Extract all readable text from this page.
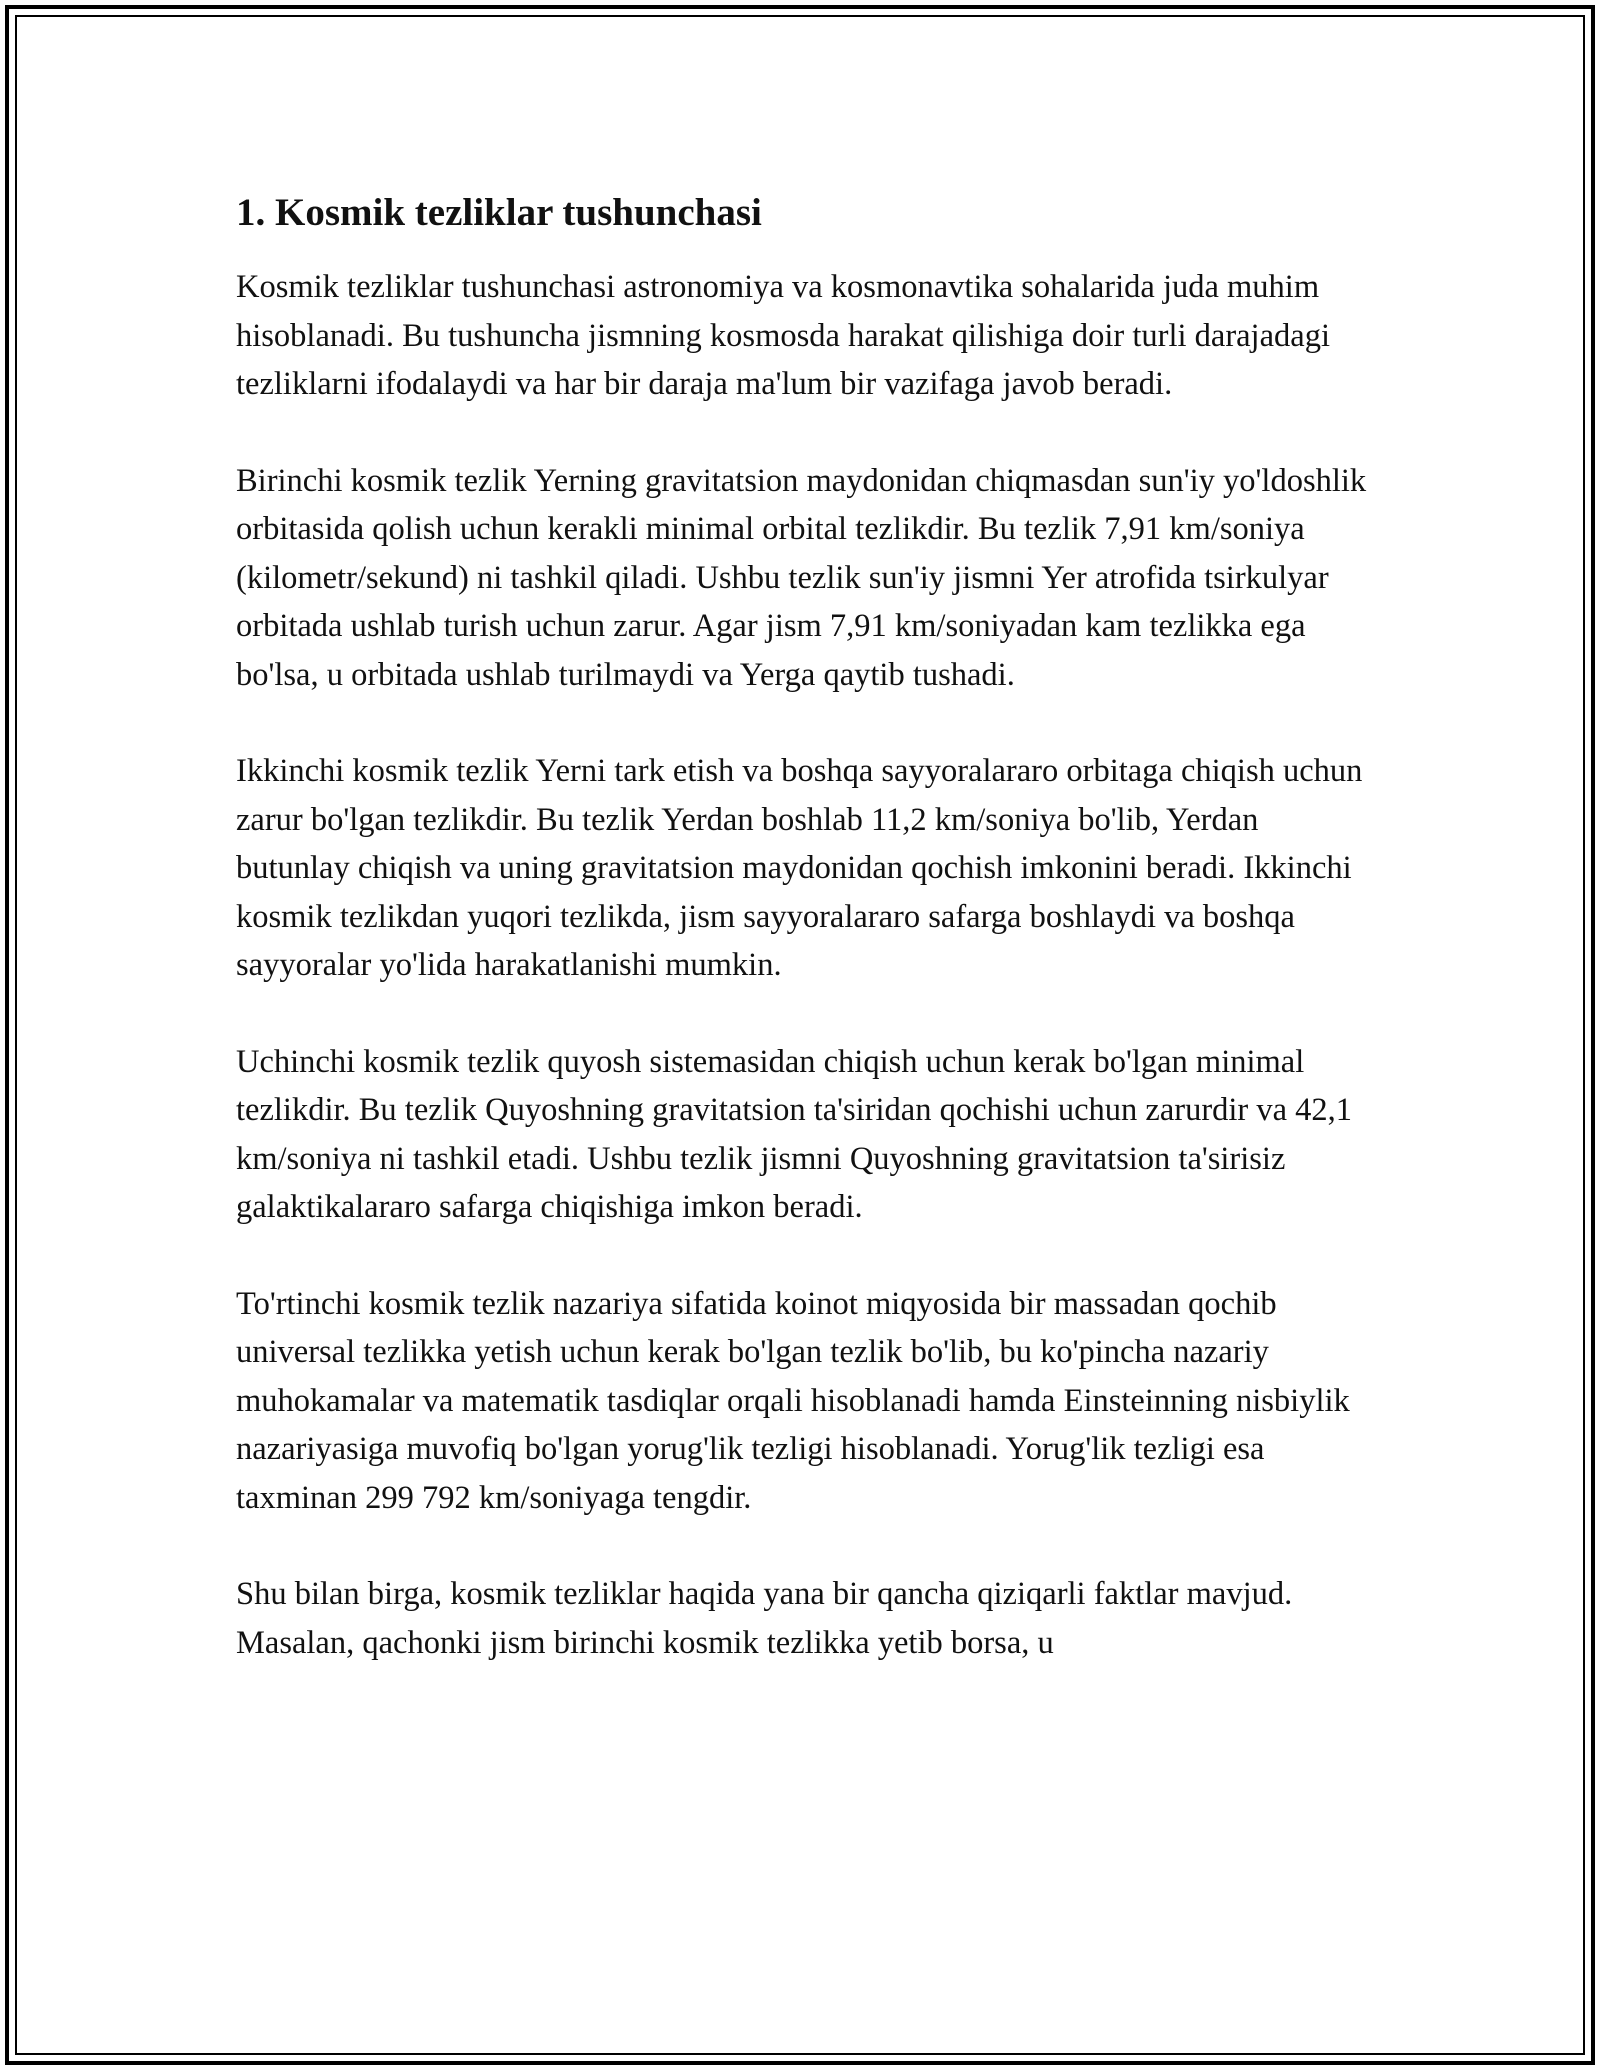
1. Kosmik tezliklar tushunchasi

Kosmik tezliklar tushunchasi astronomiya va kosmonavtika sohalarida juda muhim hisoblanadi. Bu tushuncha jismning kosmosda harakat qilishiga doir turli darajadagi tezliklarni ifodalaydi va har bir daraja ma'lum bir vazifaga javob beradi.

Birinchi kosmik tezlik Yerning gravitatsion maydonidan chiqmasdan sun'iy yo'ldoshlik orbitasida qolish uchun kerakli minimal orbital tezlikdir. Bu tezlik 7,91 km/soniya (kilometr/sekund) ni tashkil qiladi. Ushbu tezlik sun'iy jismni Yer atrofida tsirkulyar orbitada ushlab turish uchun zarur. Agar jism 7,91 km/soniyadan kam tezlikka ega bo'lsa, u orbitada ushlab turilmaydi va Yerga qaytib tushadi.

Ikkinchi kosmik tezlik Yerni tark etish va boshqa sayyoralararo orbitaga chiqish uchun zarur bo'lgan tezlikdir. Bu tezlik Yerdan boshlab 11,2 km/soniya bo'lib, Yerdan butunlay chiqish va uning gravitatsion maydonidan qochish imkonini beradi. Ikkinchi kosmik tezlikdan yuqori tezlikda, jism sayyoralararo safarga boshlaydi va boshqa sayyoralar yo'lida harakatlanishi mumkin.

Uchinchi kosmik tezlik quyosh sistemasidan chiqish uchun kerak bo'lgan minimal tezlikdir. Bu tezlik Quyoshning gravitatsion ta'siridan qochishi uchun zarurdir va 42,1 km/soniya ni tashkil etadi. Ushbu tezlik jismni Quyoshning gravitatsion ta'sirisiz galaktikalararo safarga chiqishiga imkon beradi.

To'rtinchi kosmik tezlik nazariya sifatida koinot miqyosida bir massadan qochib universal tezlikka yetish uchun kerak bo'lgan tezlik bo'lib, bu ko'pincha nazariy muhokamalar va matematik tasdiqlar orqali hisoblanadi hamda Einsteinning nisbiylik nazariyasiga muvofiq bo'lgan yorug'lik tezligi hisoblanadi. Yorug'lik tezligi esa taxminan 299 792 km/soniyaga tengdir.

Shu bilan birga, kosmik tezliklar haqida yana bir qancha qiziqarli faktlar mavjud. Masalan, qachonki jism birinchi kosmik tezlikka yetib borsa, u
